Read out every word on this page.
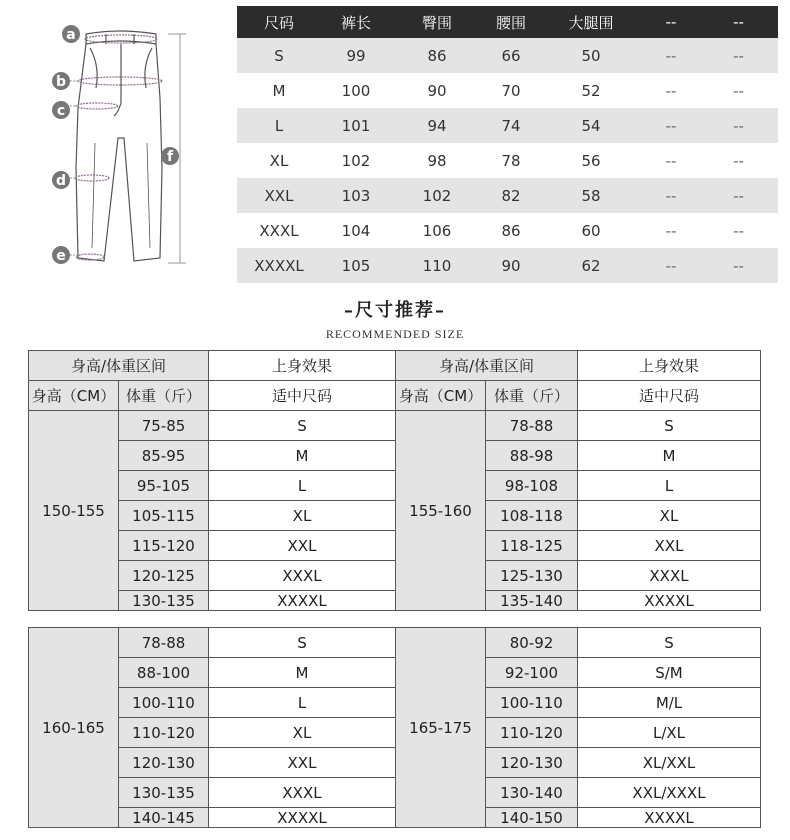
a
b
c
d
e
f
尺码	裤长	臀围	腰围	大腿围	--	--
S	99	86	66	50	--	--
M	100	90	70	52	--	--
L	101	94	74	54	--	--
XL	102	98	78	56	--	--
XXL	103	102	82	58	--	--
XXXL	104	106	86	60	--	--
XXXXL	105	110	90	62	--	--
–尺寸推荐–
RECOMMENDED SIZE
身高/体重区间		上身效果	身高/体重区间		上身效果
身高（CM）	体重（斤）	适中尺码	身高（CM）	体重（斤）	适中尺码
150-155	75-85	S	155-160	78-88	S
	85-95	M		88-98	M
	95-105	L		98-108	L
	105-115	XL		108-118	XL
	115-120	XXL		118-125	XXL
	120-125	XXXL		125-130	XXXL
	130-135	XXXXL		135-140	XXXXL
160-165	78-88	S	165-175	80-92	S
	88-100	M		92-100	S/M
	100-110	L		100-110	M/L
	110-120	XL		110-120	L/XL
	120-130	XXL		120-130	XL/XXL
	130-135	XXXL		130-140	XXL/XXXL
	140-145	XXXXL		140-150	XXXXL
